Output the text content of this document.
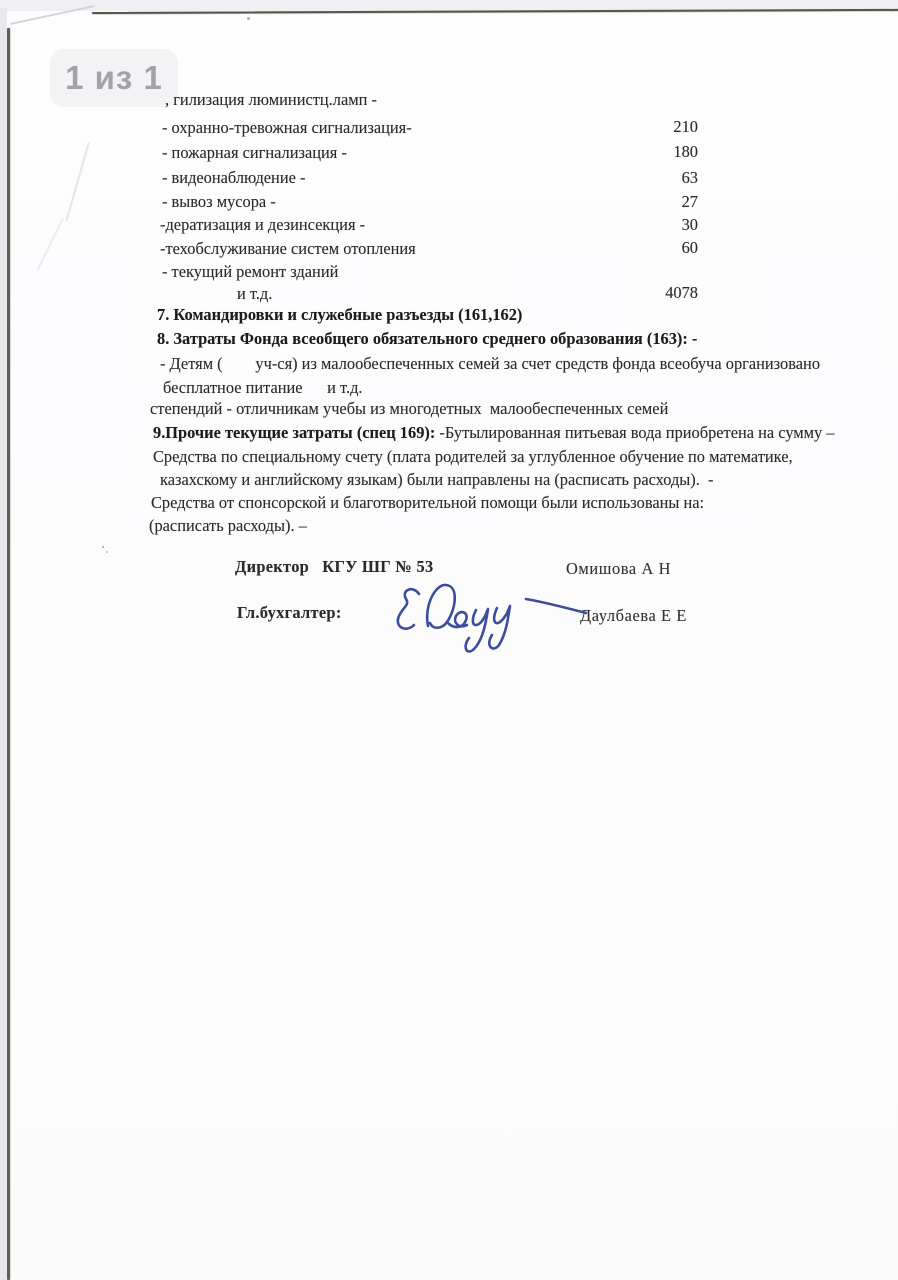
1 из 1
, гилизация люминистц.ламп -
- охранно-тревожная сигнализация-	210
- пожарная сигнализация -	180
- видеонаблюдение -	63
- вывоз мусора -	27
-дератизация и дезинсекция -	30
-техобслуживание систем отопления	60
- текущий ремонт зданий
и т.д.	4078
7. Командировки и служебные разъезды (161,162)
8. Затраты Фонда всеобщего обязательного среднего образования (163): -
- Детям (        уч-ся) из малообеспеченных семей за счет средств фонда всеобуча организовано
бесплатное питание      и т.д.
степендий - отличникам учебы из многодетных  малообеспеченных семей
9.Прочие текущие затраты (спец 169): -Бутылированная питьевая вода приобретена на сумму –
Средства по специальному счету (плата родителей за углубленное обучение по математике,
казахскому и английскому языкам) были направлены на (расписать расходы).  -
Средства от спонсорской и благотворительной помощи были использованы на:
(расписать расходы). –
Директор   КГУ ШГ № 53	Омишова А Н
Гл.бухгалтер:	Даулбаева Е Е
